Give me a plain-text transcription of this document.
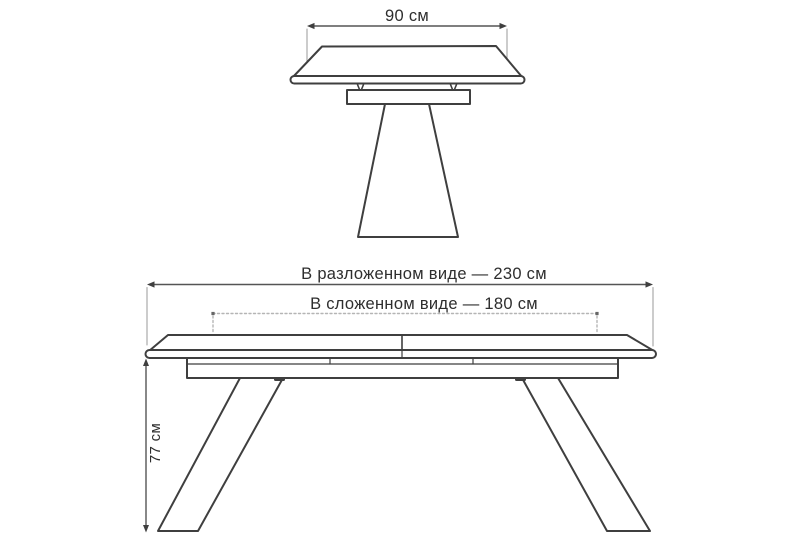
90 см
В разложенном виде — 230 см
В сложенном виде — 180 см
77 см
